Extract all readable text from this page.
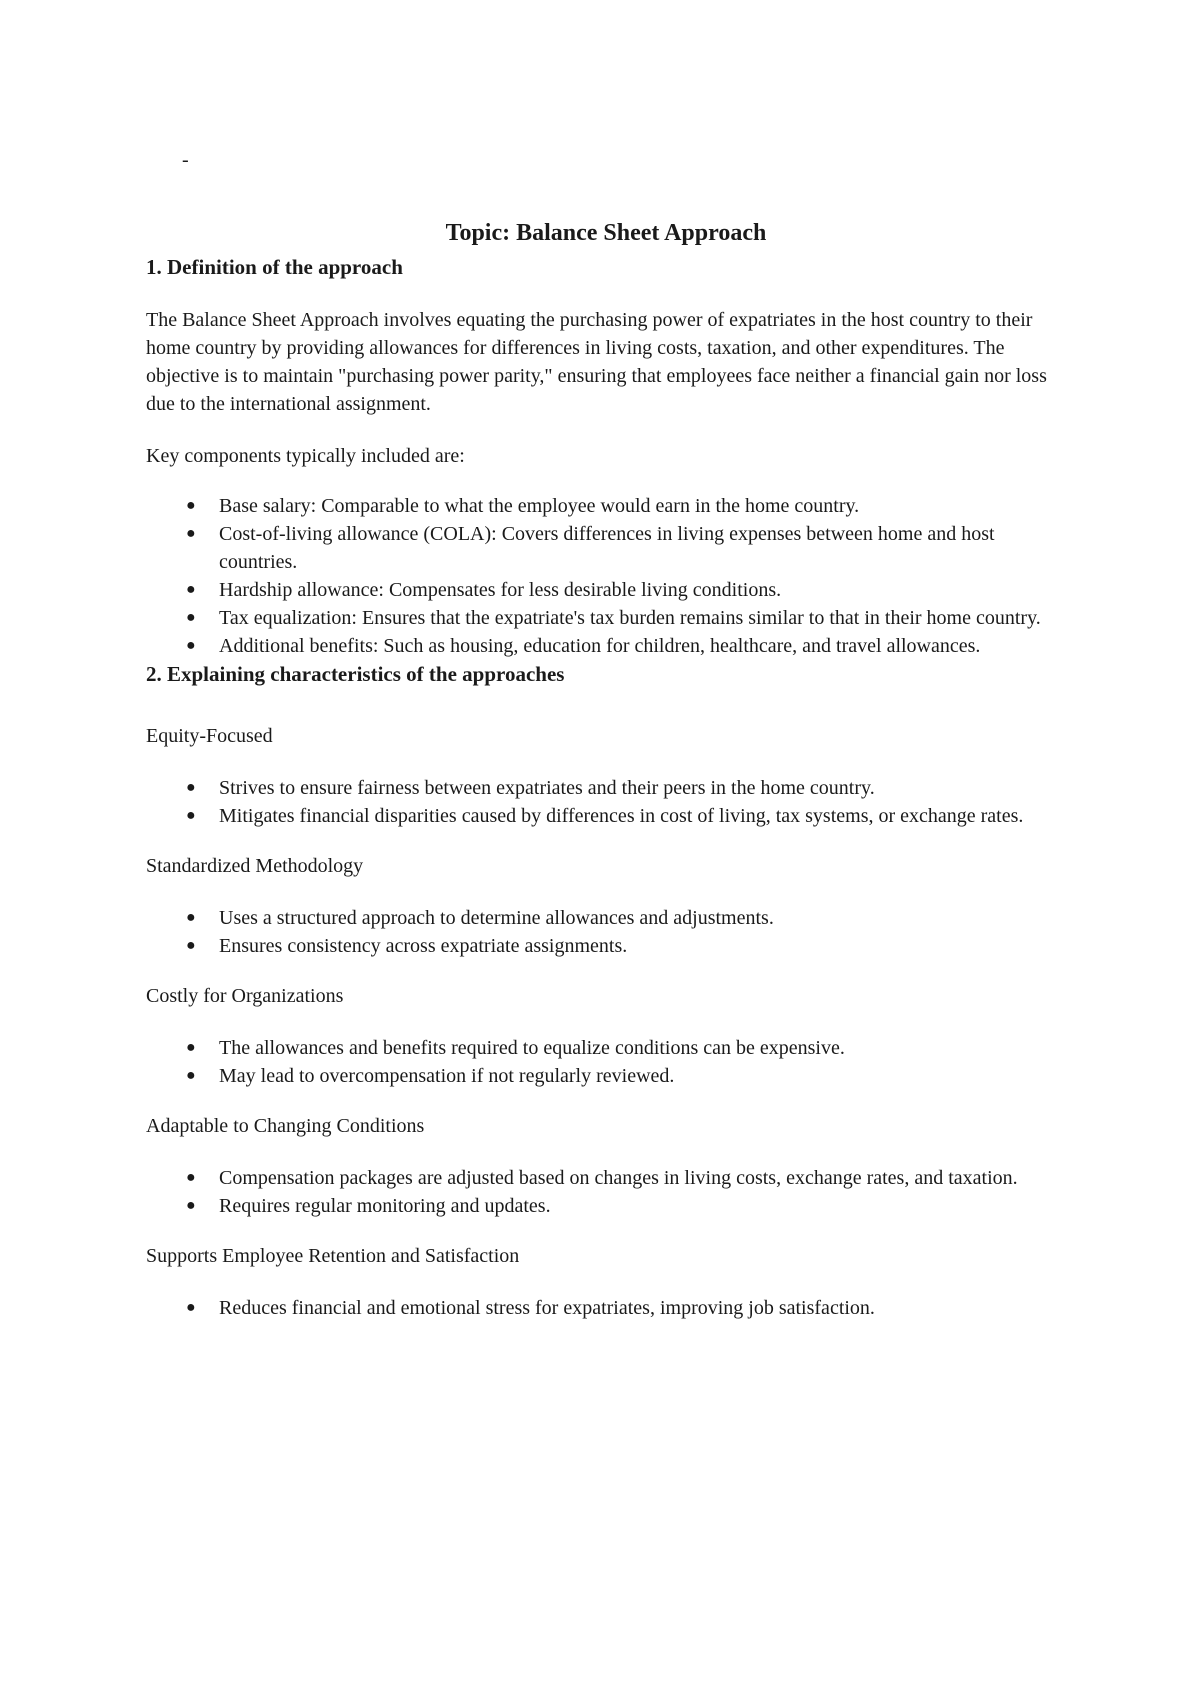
-
Topic: Balance Sheet Approach
1. Definition of the approach

The Balance Sheet Approach involves equating the purchasing power of expatriates in the host country to their home country by providing allowances for differences in living costs, taxation, and other expenditures. The objective is to maintain "purchasing power parity," ensuring that employees face neither a financial gain nor loss due to the international assignment.

Key components typically included are:

●	Base salary: Comparable to what the employee would earn in the home country.
●	Cost-of-living allowance (COLA): Covers differences in living expenses between home and host countries.
●	Hardship allowance: Compensates for less desirable living conditions.
●	Tax equalization: Ensures that the expatriate's tax burden remains similar to that in their home country.
●	Additional benefits: Such as housing, education for children, healthcare, and travel allowances.
2. Explaining characteristics of the approaches

Equity-Focused

●	Strives to ensure fairness between expatriates and their peers in the home country.
●	Mitigates financial disparities caused by differences in cost of living, tax systems, or exchange rates.

Standardized Methodology

●	Uses a structured approach to determine allowances and adjustments.
●	Ensures consistency across expatriate assignments.

Costly for Organizations

●	The allowances and benefits required to equalize conditions can be expensive.
●	May lead to overcompensation if not regularly reviewed.

Adaptable to Changing Conditions

●	Compensation packages are adjusted based on changes in living costs, exchange rates, and taxation.
●	Requires regular monitoring and updates.

Supports Employee Retention and Satisfaction

●	Reduces financial and emotional stress for expatriates, improving job satisfaction.
